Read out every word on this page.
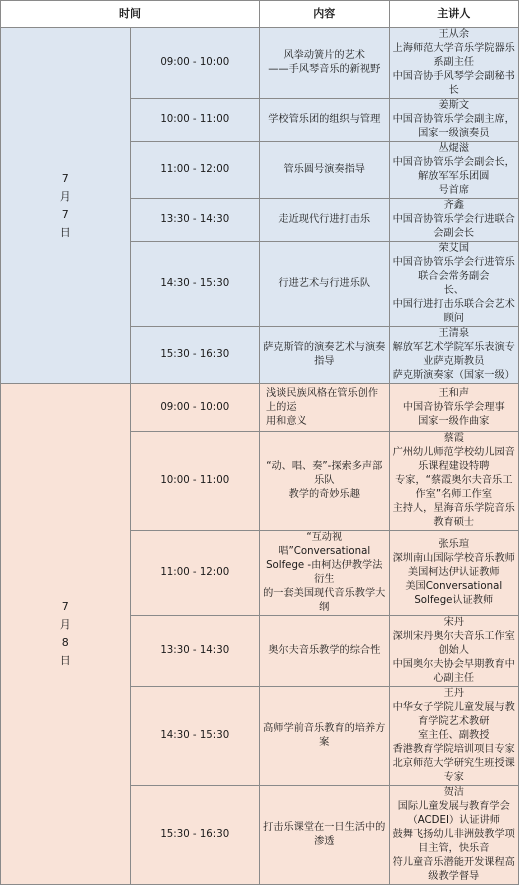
时间		内容	主讲人

7
月
7
日	09:00 - 10:00	风拳动簧片的艺术
——手风琴音乐的新视野	王从余
上海师范大学音乐学院器乐系副主任
中国音协手风琴学会副秘书长

	10:00 - 11:00	学校管乐团的组织与管理	姜斯文
中国音协管乐学会副主席，国家一级演奏员

	11:00 - 12:00	管乐圆号演奏指导	丛焜滋
中国音协管乐学会副会长，解放军军乐团圆
号首席

	13:30 - 14:30	走近现代行进打击乐	齐鑫
中国音协管乐学会行进联合会副会长

	14:30 - 15:30	行进艺术与行进乐队	荣艾国
中国音协管乐学会行进管乐联合会常务副会
长、
中国行进打击乐联合会艺术顾问

	15:30 - 16:30	萨克斯管的演奏艺术与演奏指导	王清泉
解放军艺术学院军乐表演专业萨克斯教员
萨克斯演奏家（国家一级）

7
月
8
日	09:00 - 10:00	浅谈民族风格在管乐创作上的运
用和意义	王和声
中国音协管乐学会理事
国家一级作曲家

	10:00 - 11:00	“动、唱、奏”-探索多声部乐队
教学的奇妙乐趣	蔡霞
广州幼儿师范学校幼儿园音乐课程建设特聘
专家，“蔡霞奥尔夫音乐工作室”名师工作室
主持人，星海音乐学院音乐教育硕士

	11:00 - 12:00	“互动视唱”Conversational
Solfege -由柯达伊教学法衍生
的一套美国现代音乐教学大纲	张乐瑄
深圳南山国际学校音乐教师
美国柯达伊认证教师
美国Conversational Solfege认证教师

	13:30 - 14:30	奥尔夫音乐教学的综合性	宋丹
深圳宋丹奥尔夫音乐工作室创始人
中国奥尔夫协会早期教育中心副主任

	14:30 - 15:30	高师学前音乐教育的培养方案	王丹
中华女子学院儿童发展与教育学院艺术教研
室主任、副教授
香港教育学院培训项目专家
北京师范大学研究生班授课专家

	15:30 - 16:30	打击乐课堂在一日生活中的渗透	贺洁
国际儿童发展与教育学会（ACDEI）认证讲师
鼓舞飞扬幼儿非洲鼓教学项目主管，快乐音
符儿童音乐潜能开发课程高级教学督导
